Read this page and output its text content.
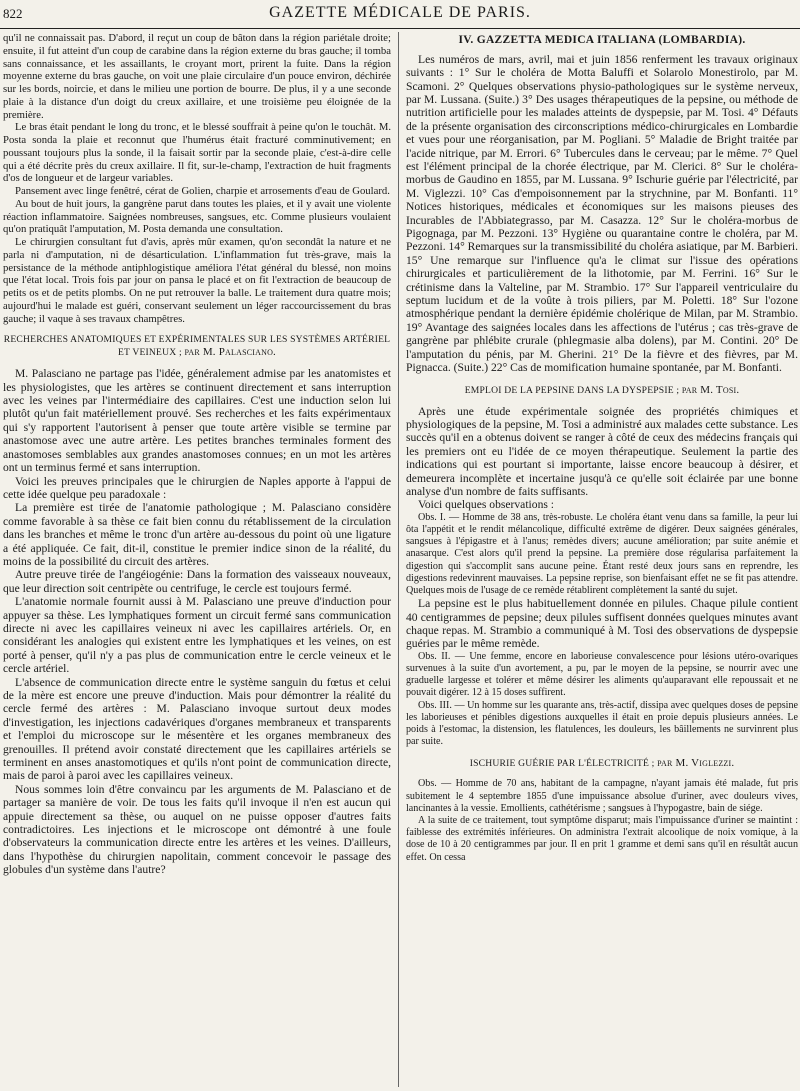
822	GAZETTE MÉDICALE DE PARIS.

qu'il ne connaissait pas. D'abord, il reçut un coup de bâton dans la région pariétale droite; ensuite, il fut atteint d'un coup de carabine dans la région externe du bras gauche; il tomba sans connaissance, et les assaillants, le croyant mort, prirent la fuite. Dans la région moyenne externe du bras gauche, on voit une plaie circulaire d'un pouce environ, déchirée sur les bords, noircie, et dans le milieu une portion de bourre. De plus, il y a une seconde plaie à la distance d'un doigt du creux axillaire, et une troisième peu éloignée de la première.

Le bras était pendant le long du tronc, et le blessé souffrait à peine qu'on le touchât. M. Posta sonda la plaie et reconnut que l'humérus était fracturé comminutivement; en poussant toujours plus la sonde, il la faisait sortir par la seconde plaie, c'est-à-dire celle qui a été décrite près du creux axillaire. Il fit, sur-le-champ, l'extraction de huit fragments d'os de longueur et de largeur variables.

Pansement avec linge fenêtré, cérat de Golien, charpie et arrosements d'eau de Goulard.

Au bout de huit jours, la gangrène parut dans toutes les plaies, et il y avait une violente réaction inflammatoire. Saignées nombreuses, sangsues, etc. Comme plusieurs voulaient qu'on pratiquât l'amputation, M. Posta demanda une consultation.

Le chirurgien consultant fut d'avis, après mûr examen, qu'on secondât la nature et ne parla ni d'amputation, ni de désarticulation. L'inflammation fut très-grave, mais la persistance de la méthode antiphlogistique améliora l'état général du blessé, non moins que l'état local. Trois fois par jour on pansa le placé et on fit l'extraction de beaucoup de petits os et de petits plombs. On ne put retrouver la balle. Le traitement dura quatre mois; aujourd'hui le malade est guéri, conservant seulement un léger raccourcissement du bras gauche; il vaque à ses travaux champêtres.

RECHERCHES ANATOMIQUES ET EXPÉRIMENTALES SUR LES SYSTÈMES ARTÉRIEL ET VEINEUX ; par M. Palasciano.

M. Palasciano ne partage pas l'idée, généralement admise par les anatomistes et les physiologistes, que les artères se continuent directement et sans interruption avec les veines par l'intermédiaire des capillaires. C'est une induction selon lui plutôt qu'un fait matériellement prouvé. Ses recherches et les faits expérimentaux qui s'y rapportent l'autorisent à penser que toute artère visible se termine par anastomose avec une autre artère. Les petites branches terminales forment des anastomoses semblables aux grandes anastomoses connues; en un mot les artères ont un terminus fermé et sans interruption.

Voici les preuves principales que le chirurgien de Naples apporte à l'appui de cette idée quelque peu paradoxale :

La première est tirée de l'anatomie pathologique ; M. Palasciano considère comme favorable à sa thèse ce fait bien connu du rétablissement de la circulation dans les branches et même le tronc d'un artère au-dessous du point où une ligature a été appliquée. Ce fait, dit-il, constitue le premier indice sinon de la réalité, du moins de la possibilité du circuit des artères.

Autre preuve tirée de l'angéiogénie: Dans la formation des vaisseaux nouveaux, que leur direction soit centripète ou centrifuge, le cercle est toujours fermé.

L'anatomie normale fournit aussi à M. Palasciano une preuve d'induction pour appuyer sa thèse. Les lymphatiques forment un circuit fermé sans communication directe ni avec les capillaires veineux ni avec les capillaires artériels. Or, en considérant les analogies qui existent entre les lymphatiques et les veines, on est porté à penser, qu'il n'y a pas plus de communication entre le cercle veineux et le cercle artériel.

L'absence de communication directe entre le système sanguin du fœtus et celui de la mère est encore une preuve d'induction. Mais pour démontrer la réalité du cercle fermé des artères : M. Palasciano invoque surtout deux modes d'investigation, les injections cadavériques d'organes membraneux et transparents et l'emploi du microscope sur le mésentère et les organes membraneux des grenouilles. Il prétend avoir constaté directement que les capillaires artériels se terminent en anses anastomotiques et qu'ils n'ont point de communication directe, mais de paroi à paroi avec les capillaires veineux.

Nous sommes loin d'être convaincu par les arguments de M. Palasciano et de partager sa manière de voir. De tous les faits qu'il invoque il n'en est aucun qui appuie directement sa thèse, ou auquel on ne puisse opposer d'autres faits contradictoires. Les injections et le microscope ont démontré à une foule d'observateurs la communication directe entre les artères et les veines. D'ailleurs, dans l'hypothèse du chirurgien napolitain, comment concevoir le passage des globules d'un système dans l'autre?

IV. GAZZETTA MEDICA ITALIANA (LOMBARDIA).

Les numéros de mars, avril, mai et juin 1856 renferment les travaux originaux suivants : 1° Sur le choléra de Motta Baluffi et Solarolo Monestirolo, par M. Scamoni. 2° Quelques observations physio-pathologiques sur le système nerveux, par M. Lussana. (Suite.) 3° Des usages thérapeutiques de la pepsine, ou méthode de nutrition artificielle pour les malades atteints de dyspepsie, par M. Tosi. 4° Défauts de la présente organisation des circonscriptions médico-chirurgicales en Lombardie et vues pour une réorganisation, par M. Pogliani. 5° Maladie de Bright traitée par l'acide nitrique, par M. Errori. 6° Tubercules dans le cerveau; par le même. 7° Quel est l'élément principal de la chorée électrique, par M. Clerici. 8° Sur le choléra-morbus de Gaudino en 1855, par M. Lussana. 9° Ischurie guérie par l'électricité, par M. Viglezzi. 10° Cas d'empoisonnement par la strychnine, par M. Bonfanti. 11° Notices historiques, médicales et économiques sur les maisons pieuses des Incurables de l'Abbiategrasso, par M. Casazza. 12° Sur le choléra-morbus de Pigognaga, par M. Pezzoni. 13° Hygiène ou quarantaine contre le choléra, par M. Pezzoni. 14° Remarques sur la transmissibilité du choléra asiatique, par M. Barbieri. 15° Une remarque sur l'influence qu'a le climat sur l'issue des opérations chirurgicales et particulièrement de la lithotomie, par M. Ferrini. 16° Sur le crétinisme dans la Valteline, par M. Strambio. 17° Sur l'appareil ventriculaire du septum lucidum et de la voûte à trois piliers, par M. Poletti. 18° Sur l'ozone atmosphérique pendant la dernière épidémie cholérique de Milan, par M. Strambio. 19° Avantage des saignées locales dans les affections de l'utérus ; cas très-grave de gangrène par phlébite crurale (phlegmasie alba dolens), par M. Contini. 20° De l'amputation du pénis, par M. Gherini. 21° De la fièvre et des fièvres, par M. Pignacca. (Suite.) 22° Cas de momification humaine spontanée, par M. Bonfanti.

EMPLOI DE LA PEPSINE DANS LA DYSPEPSIE ; par M. Tosi.

Après une étude expérimentale soignée des propriétés chimiques et physiologiques de la pepsine, M. Tosi a administré aux malades cette substance. Les succès qu'il en a obtenus doivent se ranger à côté de ceux des médecins français qui les premiers ont eu l'idée de ce moyen thérapeutique. Seulement la partie des indications qui est pourtant si importante, laisse encore beaucoup à désirer, et demeurera incomplète et incertaine jusqu'à ce qu'elle soit éclairée par une bonne analyse d'un nombre de faits suffisants.

Voici quelques observations :

Obs. I. — Homme de 38 ans, très-robuste. Le choléra étant venu dans sa famille, la peur lui ôta l'appétit et le rendit mélancolique, difficulté extrême de digérer. Deux saignées générales, sangsues à l'épigastre et à l'anus; remèdes divers; aucune amélioration; par suite anémie et anasarque. C'est alors qu'il prend la pepsine. La première dose régularisa parfaitement la digestion qui s'accomplit sans aucune peine. Étant resté deux jours sans en reprendre, les digestions redevinrent mauvaises. La pepsine reprise, son bienfaisant effet ne se fit pas attendre. Quelques mois de l'usage de ce remède rétablirent complètement la santé du sujet.

La pepsine est le plus habituellement donnée en pilules. Chaque pilule contient 40 centigrammes de pepsine; deux pilules suffisent données quelques minutes avant chaque repas. M. Strambio a communiqué à M. Tosi des observations de dyspepsie guéries par le même remède.

Obs. II. — Une femme, encore en laborieuse convalescence pour lésions utéro-ovariques survenues à la suite d'un avortement, a pu, par le moyen de la pepsine, se nourrir avec une graduelle largesse et tolérer et même désirer les aliments qu'auparavant elle repoussait et ne pouvait digérer. 12 à 15 doses suffirent.

Obs. III. — Un homme sur les quarante ans, très-actif, dissipa avec quelques doses de pepsine les laborieuses et pénibles digestions auxquelles il était en proie depuis plusieurs années. Le poids à l'estomac, la distension, les flatulences, les douleurs, les bâillements ne survinrent plus par suite.

ISCHURIE GUÉRIE PAR L'ÉLECTRICITÉ ; par M. Viglezzi.

Obs. — Homme de 70 ans, habitant de la campagne, n'ayant jamais été malade, fut pris subitement le 4 septembre 1855 d'une impuissance absolue d'uriner, avec douleurs vives, lancinantes à la vessie. Emollients, cathétérisme ; sangsues à l'hypogastre, bain de siége.

A la suite de ce traitement, tout symptôme disparut; mais l'impuissance d'uriner se maintint : faiblesse des extrémités inférieures. On administra l'extrait alcoolique de noix vomique, à la dose de 10 à 20 centigrammes par jour. Il en prit 1 gramme et demi sans qu'il en résultât aucun effet. On cessa
